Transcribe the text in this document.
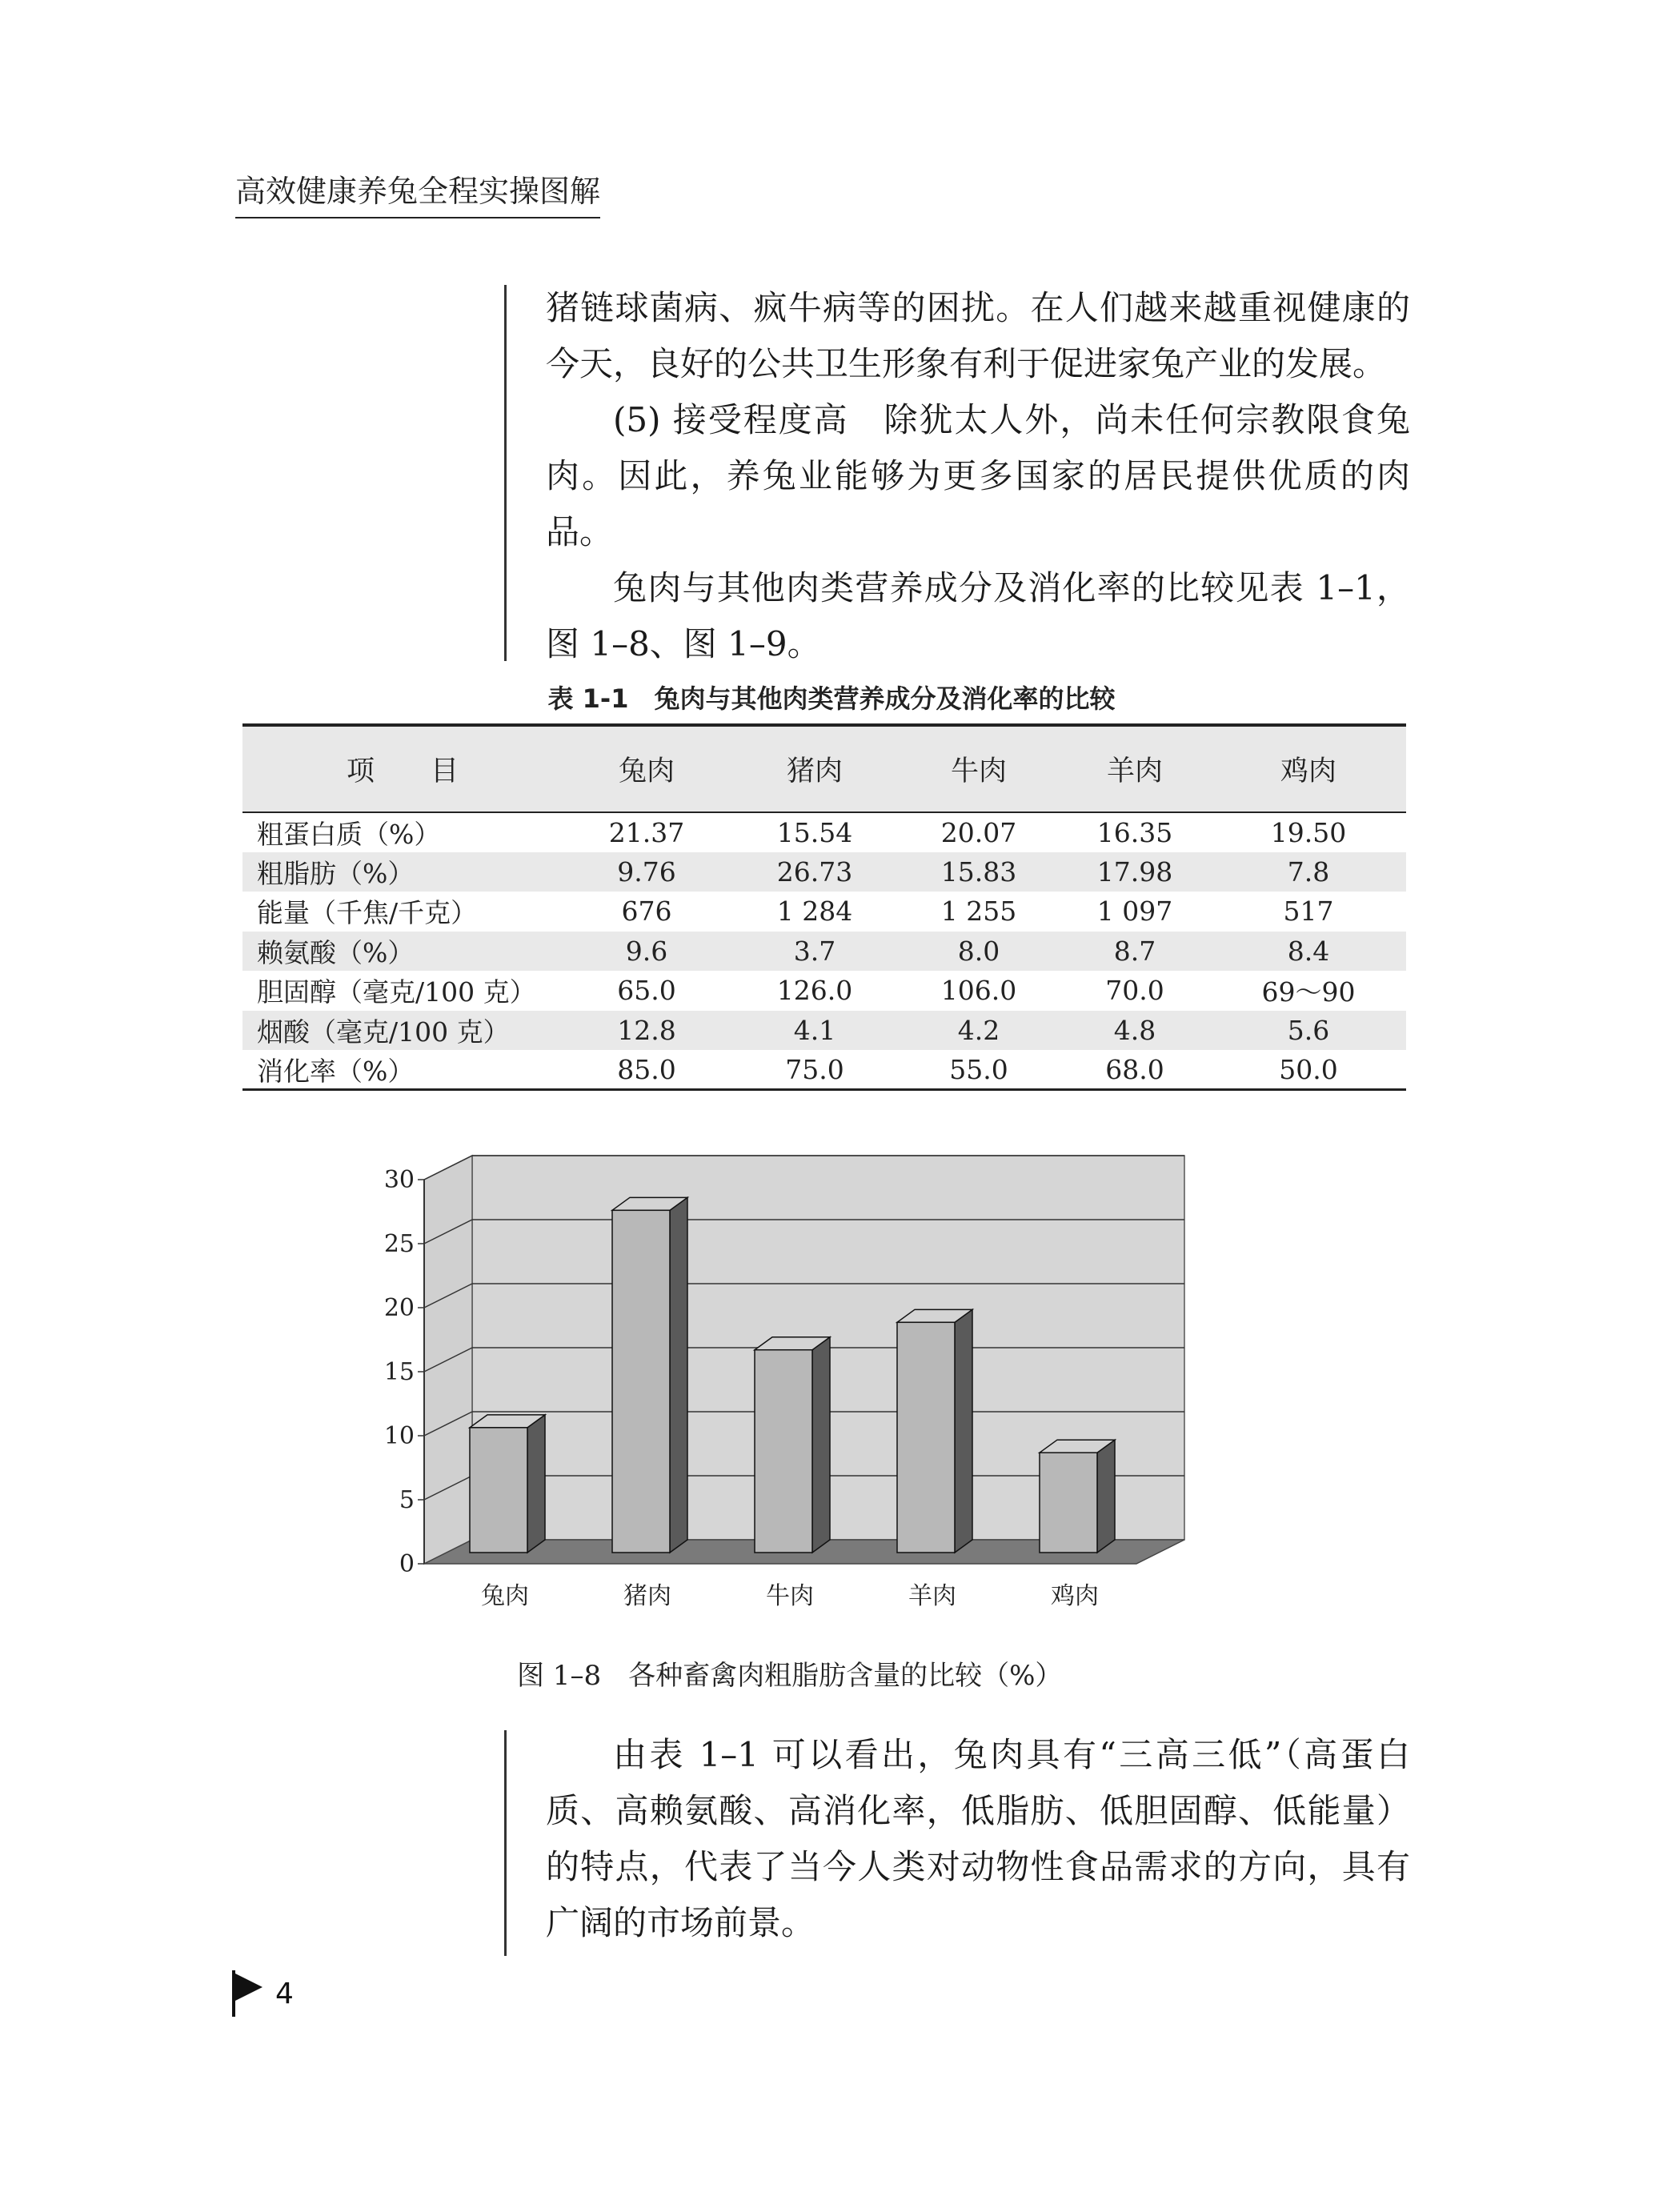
高效健康养兔全程实操图解

猪链球菌病、疯牛病等的困扰。在人们越来越重视健康的今天，良好的公共卫生形象有利于促进家兔产业的发展。

(5) 接受程度高　除犹太人外，尚未任何宗教限食兔肉。因此，养兔业能够为更多国家的居民提供优质的肉品。

兔肉与其他肉类营养成分及消化率的比较见表 1–1，图 1–8、图 1–9。

表 1-1　兔肉与其他肉类营养成分及消化率的比较
项　　目	兔肉	猪肉	牛肉	羊肉	鸡肉
粗蛋白质（%）	21.37	15.54	20.07	16.35	19.50
粗脂肪（%）	9.76	26.73	15.83	17.98	7.8
能量（千焦/千克）	676	1 284	1 255	1 097	517
赖氨酸（%）	9.6	3.7	8.0	8.7	8.4
胆固醇（毫克/100 克）	65.0	126.0	106.0	70.0	69～90
烟酸（毫克/100 克）	12.8	4.1	4.2	4.8	5.6
消化率（%）	85.0	75.0	55.0	68.0	50.0
0
5
10
15
20
25
30
兔肉	猪肉	牛肉	羊肉	鸡肉
图 1–8　各种畜禽肉粗脂肪含量的比较（%）

由表 1–1 可以看出，兔肉具有“三高三低”（高蛋白质、高赖氨酸、高消化率，低脂肪、低胆固醇、低能量）的特点，代表了当今人类对动物性食品需求的方向，具有广阔的市场前景。

4
